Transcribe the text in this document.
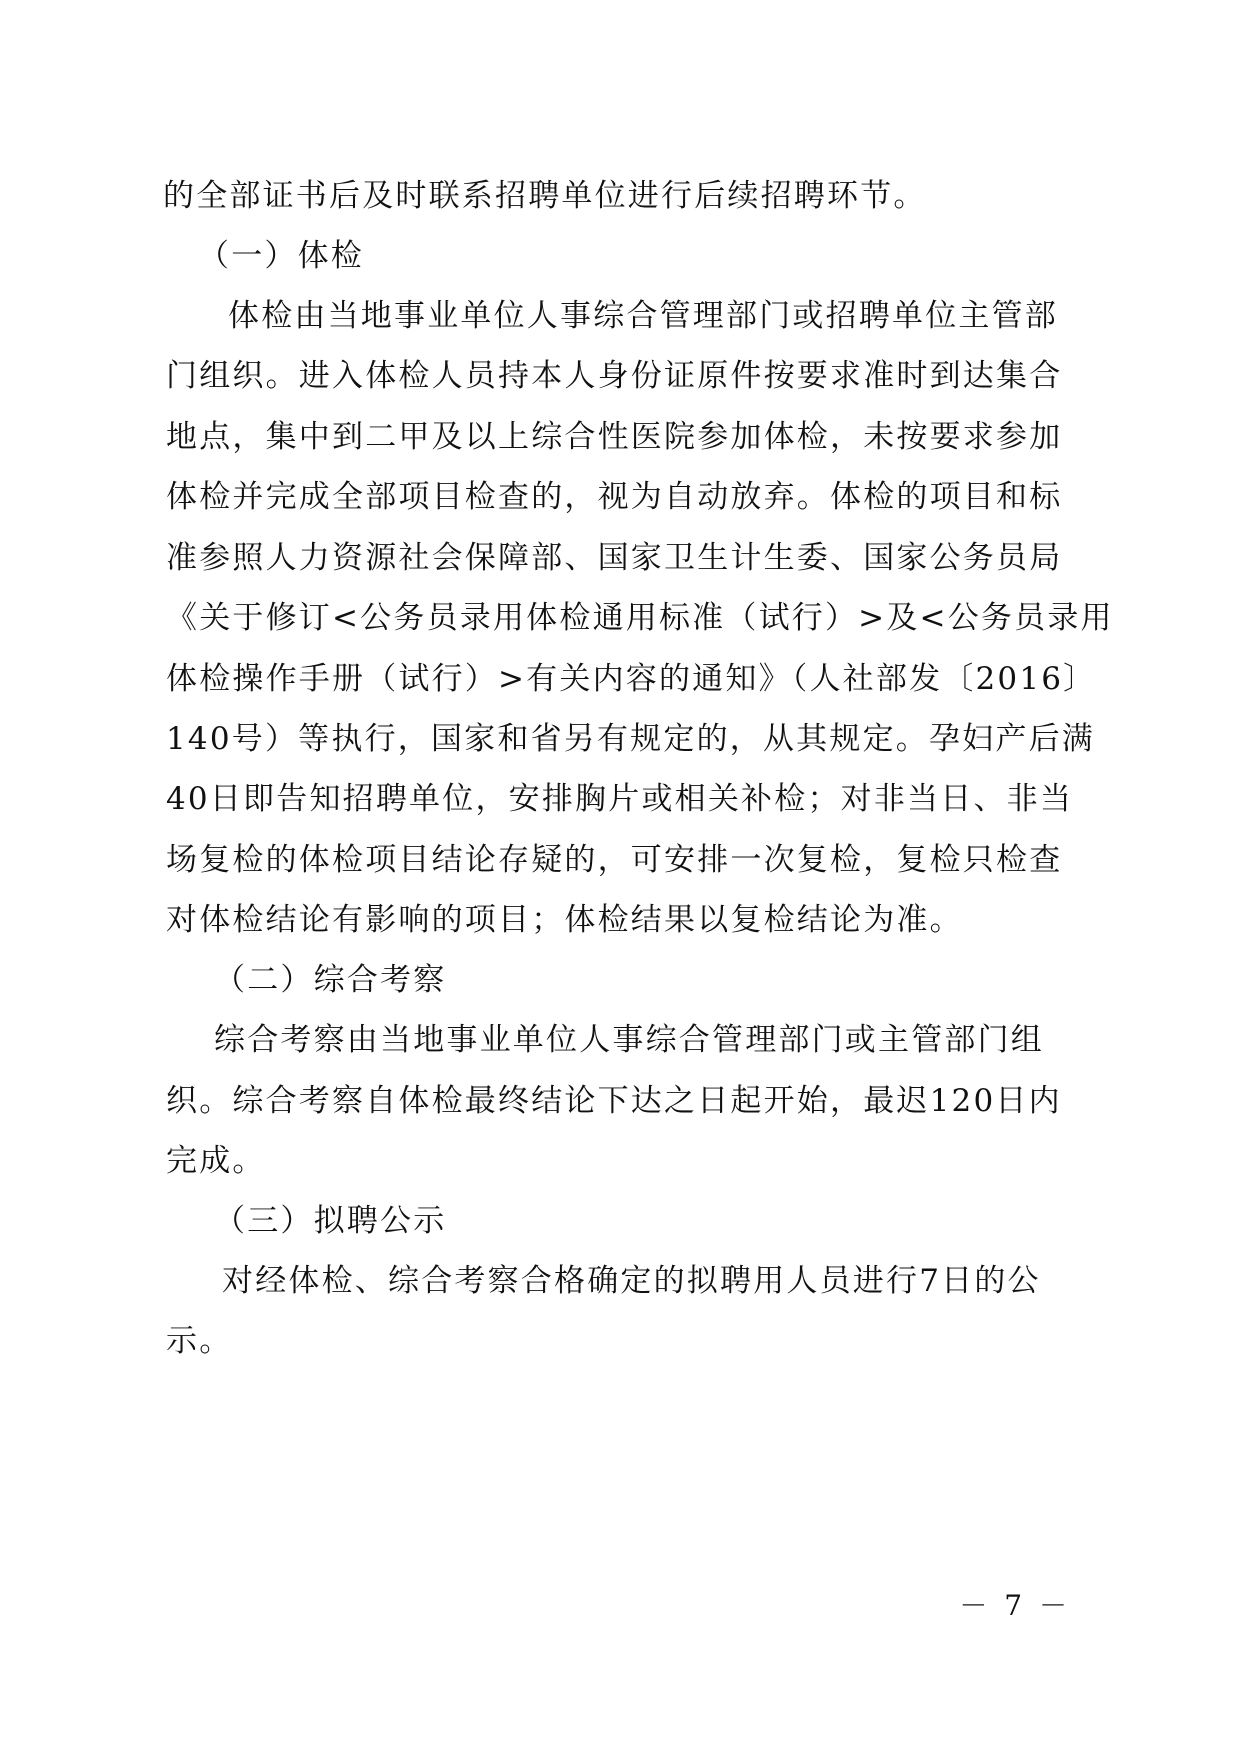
的全部证书后及时联系招聘单位进行后续招聘环节。
（一）体检
体检由当地事业单位人事综合管理部门或招聘单位主管部
门组织。进入体检人员持本人身份证原件按要求准时到达集合
地点，集中到二甲及以上综合性医院参加体检，未按要求参加
体检并完成全部项目检查的，视为自动放弃。体检的项目和标
准参照人力资源社会保障部、国家卫生计生委、国家公务员局
《关于修订<公务员录用体检通用标准（试行）>及<公务员录用
体检操作手册（试行）>有关内容的通知》（人社部发〔2016〕
140号）等执行，国家和省另有规定的，从其规定。孕妇产后满
40日即告知招聘单位，安排胸片或相关补检；对非当日、非当
场复检的体检项目结论存疑的，可安排一次复检，复检只检查
对体检结论有影响的项目；体检结果以复检结论为准。
（二）综合考察
综合考察由当地事业单位人事综合管理部门或主管部门组
织。综合考察自体检最终结论下达之日起开始，最迟120日内
完成。
（三）拟聘公示
对经体检、综合考察合格确定的拟聘用人员进行7日的公
示。
－ 7 －
